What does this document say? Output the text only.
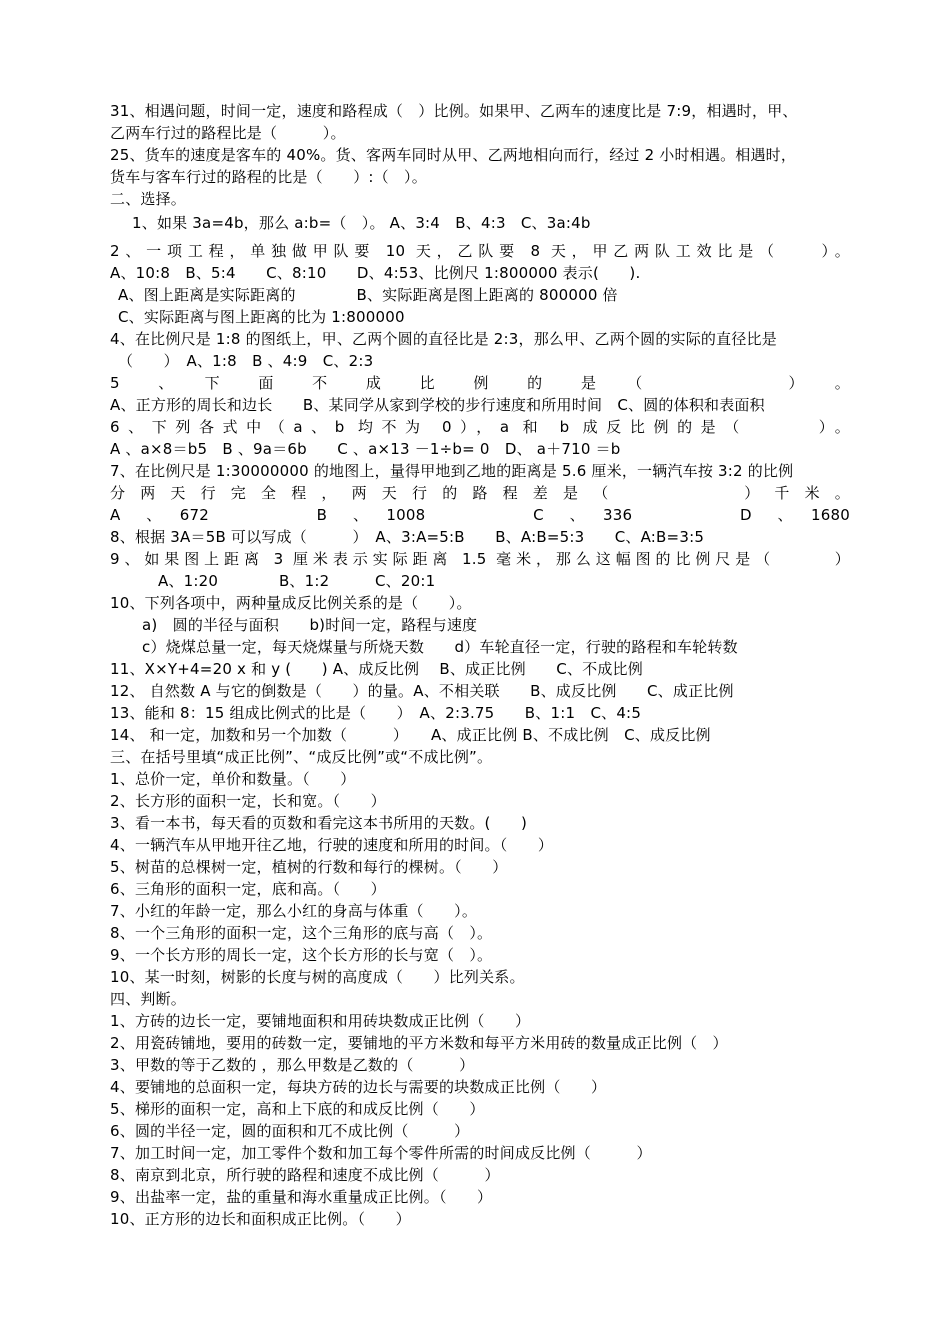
31、相遇问题，时间一定，速度和路程成（　）比例。如果甲、乙两车的速度比是 7:9，相遇时，甲、
乙两车行过的路程比是（　　　）。
25、货车的速度是客车的 40%。货、客两车同时从甲、乙两地相向而行，经过 2 小时相遇。相遇时，
货车与客车行过的路程的比是（　　）:（　）。
二、选择。
1、如果 3a=4b，那么 a:b=（　）。 A、3:4　B、4:3　C、3a:4b
2、一项工程，单独做甲队要 10 天，乙队要 8 天，甲乙两队工效比是（　　）。
A、10:8　B、5:4　　C、8:10　　D、4:53、比例尺 1:800000 表示(　　).
A、图上距离是实际距离的　　　　B、实际距离是图上距离的 800000 倍
C、实际距离与图上距离的比为 1:800000
4、在比例尺是 1:8 的图纸上，甲、乙两个圆的直径比是 2:3，那么甲、乙两个圆的实际的直径比是
（　　）　A、1:8　B 、4:9　C、2:3
5　、　下　面　不　成　比　例　的　是　（　　　　　）　。
A、正方形的周长和边长　　B、某同学从家到学校的步行速度和所用时间　C、圆的体积和表面积
6、下列各式中（a、b 均不为 0），a 和 b 成反比例的是（　　　）。
A 、a×8＝b5　B 、9a＝6b　　C 、a×13 －1÷b= 0　D、 a＋710 ＝b
7、在比例尺是 1:30000000 的地图上，量得甲地到乙地的距离是 5.6 厘米，一辆汽车按 3:2 的比例
分两天行完全程，两天行的路程差是（　　　　）千米。
A　、　672　　　　　B　、　1008　　　　　C　、　336　　　　　D　、　1680
8、根据 3A＝5B 可以写成（　　　）　A、3:A=5:B　　B、A:B=5:3　　C、A:B=3:5
9、如果图上距离 3 厘米表示实际距离 1.5 毫米，那么这幅图的比例尺是（　　　）
A、1:20　　　　B、1:2　　　C、20:1
10、下列各项中，两种量成反比例关系的是（　　）。
a)　圆的半径与面积　　b)时间一定，路程与速度
c）烧煤总量一定，每天烧煤量与所烧天数　　d）车轮直径一定，行驶的路程和车轮转数
11、X×Y+4=20 x 和 y (　　) A、成反比例　 B、成正比例　　C、不成比例
12、 自然数 A 与它的倒数是（　　）的量。A、不相关联　　B、成反比例　　C、成正比例
13、能和 8：15 组成比例式的比是（　　）　A、2:3.75　　B、1:1　C、4:5
14、 和一定，加数和另一个加数（　　　）　　A、成正比例 B、不成比例　C、成反比例
三、在括号里填“成正比例”、“成反比例”或“不成比例”。
1、总价一定，单价和数量。（　　）
2、长方形的面积一定，长和宽。（　　）
3、看一本书，每天看的页数和看完这本书所用的天数。(　　)
4、一辆汽车从甲地开往乙地，行驶的速度和所用的时间。（　　）
5、树苗的总棵树一定，植树的行数和每行的棵树。（　　）
6、三角形的面积一定，底和高。（　　）
7、小红的年龄一定，那么小红的身高与体重（　　）。
8、一个三角形的面积一定，这个三角形的底与高（　）。
9、一个长方形的周长一定，这个长方形的长与宽（　）。
10、某一时刻，树影的长度与树的高度成（　　）比列关系。
四、判断。
1、方砖的边长一定，要铺地面积和用砖块数成正比例（　　）
2、用瓷砖铺地，要用的砖数一定，要铺地的平方米数和每平方米用砖的数量成正比例（　）
3、甲数的等于乙数的 ，那么甲数是乙数的（　　　）
4、要铺地的总面积一定，每块方砖的边长与需要的块数成正比例（　　）
5、梯形的面积一定，高和上下底的和成反比例（　　）
6、圆的半径一定，圆的面积和兀不成比例（　　　）
7、加工时间一定，加工零件个数和加工每个零件所需的时间成反比例（　　　）
8、南京到北京，所行驶的路程和速度不成比例（　　　）
9、出盐率一定，盐的重量和海水重量成正比例。（　　）
10、正方形的边长和面积成正比例。（　　）
